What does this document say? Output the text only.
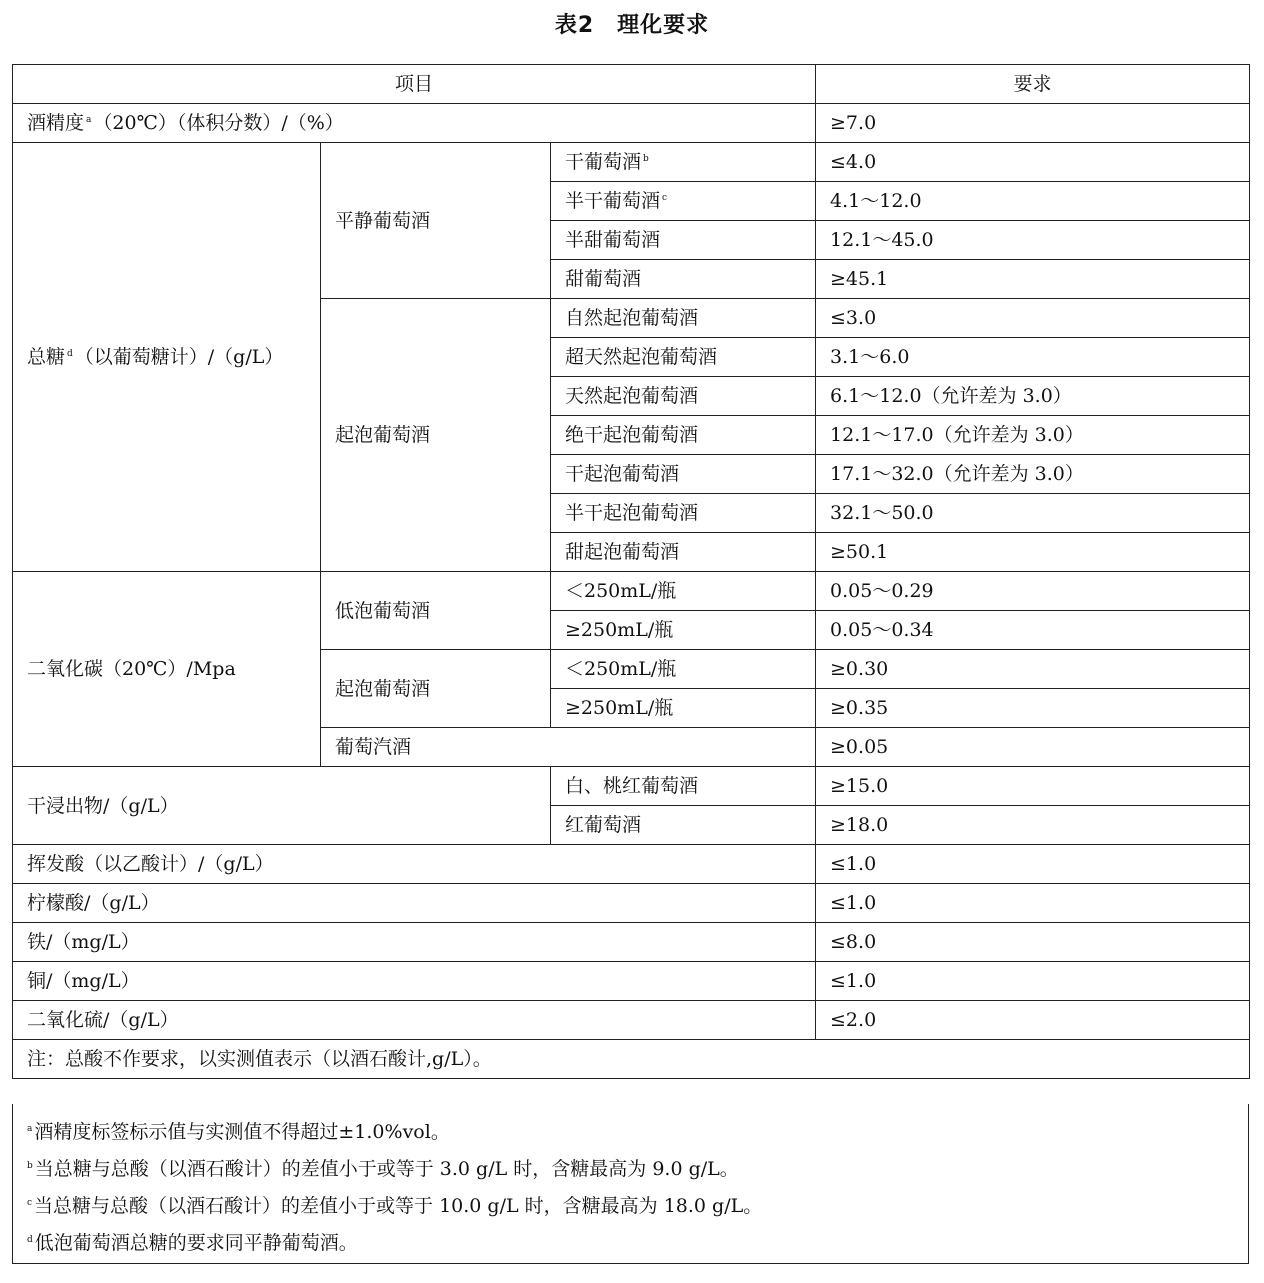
表2　理化要求
项目			要求
酒精度 $^a$ （20℃）（体积分数）/（%）			≥7.0
总糖 $^d$ （以葡萄糖计）/（g/L）	平静葡萄酒	干葡萄酒 $^b$	≤4.0
		半干葡萄酒 $^c$	4.1～12.0
		半甜葡萄酒	12.1～45.0
		甜葡萄酒	≥45.1
	起泡葡萄酒	自然起泡葡萄酒	≤3.0
		超天然起泡葡萄酒	3.1～6.0
		天然起泡葡萄酒	6.1～12.0（允许差为 3.0）
		绝干起泡葡萄酒	12.1～17.0（允许差为 3.0）
		干起泡葡萄酒	17.1～32.0（允许差为 3.0）
		半干起泡葡萄酒	32.1～50.0
		甜起泡葡萄酒	≥50.1
二氧化碳（20℃）/Mpa	低泡葡萄酒	＜250mL/瓶	0.05～0.29
		≥250mL/瓶	0.05～0.34
	起泡葡萄酒	＜250mL/瓶	≥0.30
		≥250mL/瓶	≥0.35
	葡萄汽酒		≥0.05
干浸出物/（g/L）		白、桃红葡萄酒	≥15.0
		红葡萄酒	≥18.0
挥发酸（以乙酸计）/（g/L）			≤1.0
柠檬酸/（g/L）			≤1.0
铁/（mg/L）			≤8.0
铜/（mg/L）			≤1.0
二氧化硫/（g/L）			≤2.0
注：总酸不作要求，以实测值表示（以酒石酸计,g/L）。			
$^a$ 酒精度标签标示值与实测值不得超过±1.0%vol。
$^b$ 当总糖与总酸（以酒石酸计）的差值小于或等于 3.0 g/L 时，含糖最高为 9.0 g/L。
$^c$ 当总糖与总酸（以酒石酸计）的差值小于或等于 10.0 g/L 时，含糖最高为 18.0 g/L。
$^d$ 低泡葡萄酒总糖的要求同平静葡萄酒。
